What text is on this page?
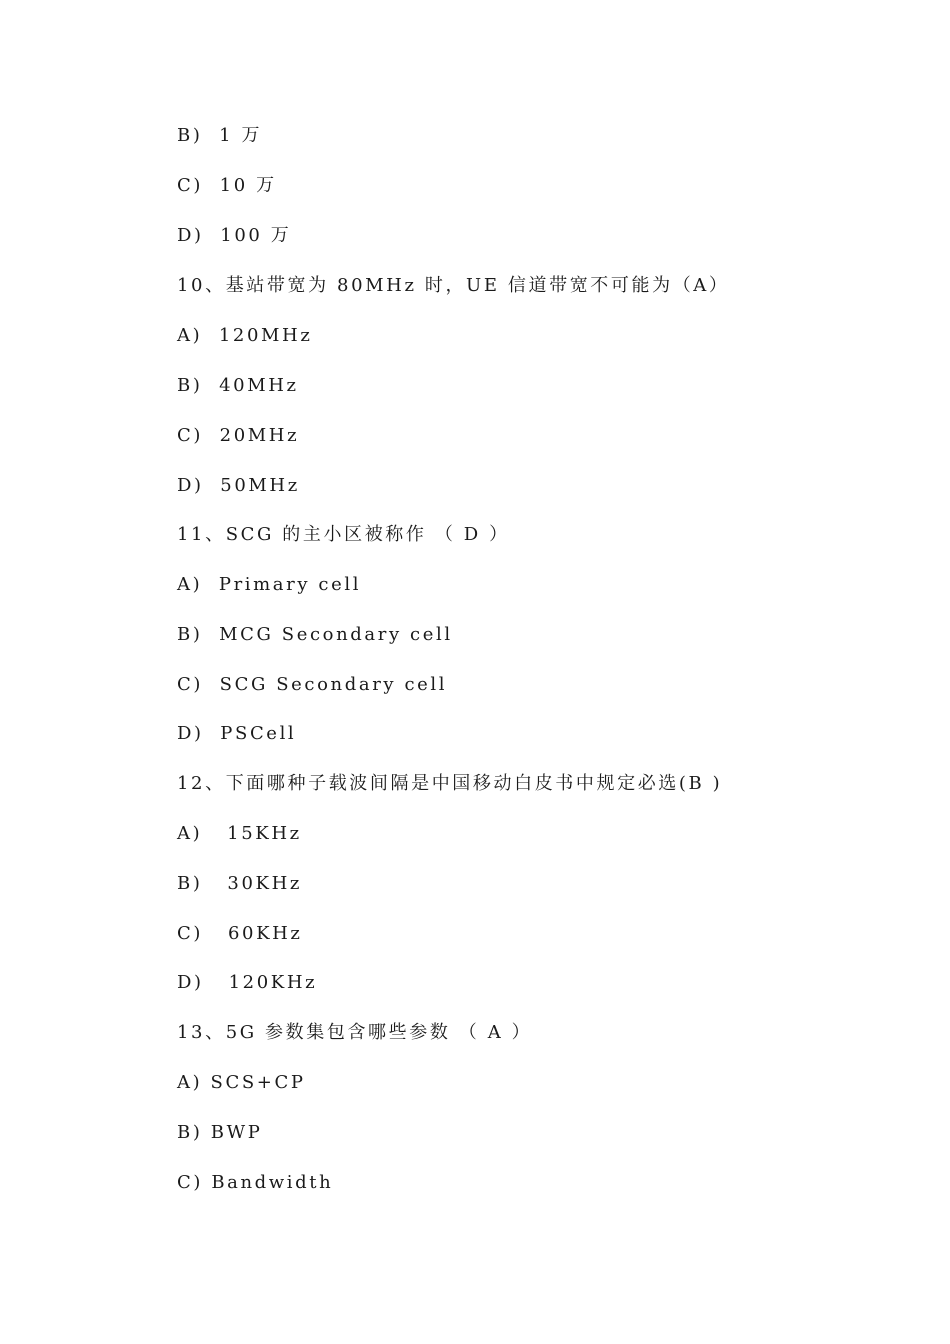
B)  1 万
C)  10 万
D)  100 万
10、基站带宽为 80MHz 时，UE 信道带宽不可能为（A）
A)  120MHz
B)  40MHz
C)  20MHz
D)  50MHz
11、SCG 的主小区被称作 （ D ）
A)  Primary cell
B)  MCG Secondary cell
C)  SCG Secondary cell
D)  PSCell
12、下面哪种子载波间隔是中国移动白皮书中规定必选(B )
A)   15KHz
B)   30KHz
C)   60KHz
D)   120KHz
13、5G 参数集包含哪些参数 （ A ）
A) SCS+CP
B) BWP
C) Bandwidth
